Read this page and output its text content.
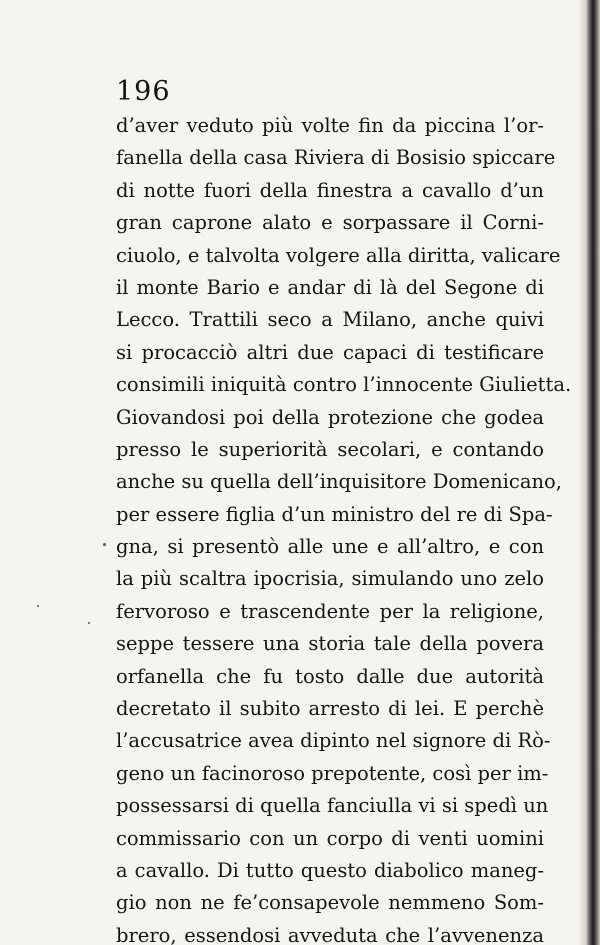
196
d’aver veduto più volte fin da piccina l’or-
fanella della casa Riviera di Bosisio spiccare
di notte fuori della finestra a cavallo d’un
gran caprone alato e sorpassare il Corni-
ciuolo, e talvolta volgere alla diritta, valicare
il monte Bario e andar di là del Segone di
Lecco. Trattili seco a Milano, anche quivi
si procacciò altri due capaci di testificare
consimili iniquità contro l’innocente Giulietta.
Giovandosi poi della protezione che godea
presso le superiorità secolari, e contando
anche su quella dell’inquisitore Domenicano,
per essere figlia d’un ministro del re di Spa-
gna, si presentò alle une e all’altro, e con
la più scaltra ipocrisia, simulando uno zelo
fervoroso e trascendente per la religione,
seppe tessere una storia tale della povera
orfanella che fu tosto dalle due autorità
decretato il subito arresto di lei. E perchè
l’accusatrice avea dipinto nel signore di Rò-
geno un facinoroso prepotente, così per im-
possessarsi di quella fanciulla vi si spedì un
commissario con un corpo di venti uomini
a cavallo. Di tutto questo diabolico maneg-
gio non ne fe’consapevole nemmeno Som-
brero, essendosi avveduta che l’avvenenza
